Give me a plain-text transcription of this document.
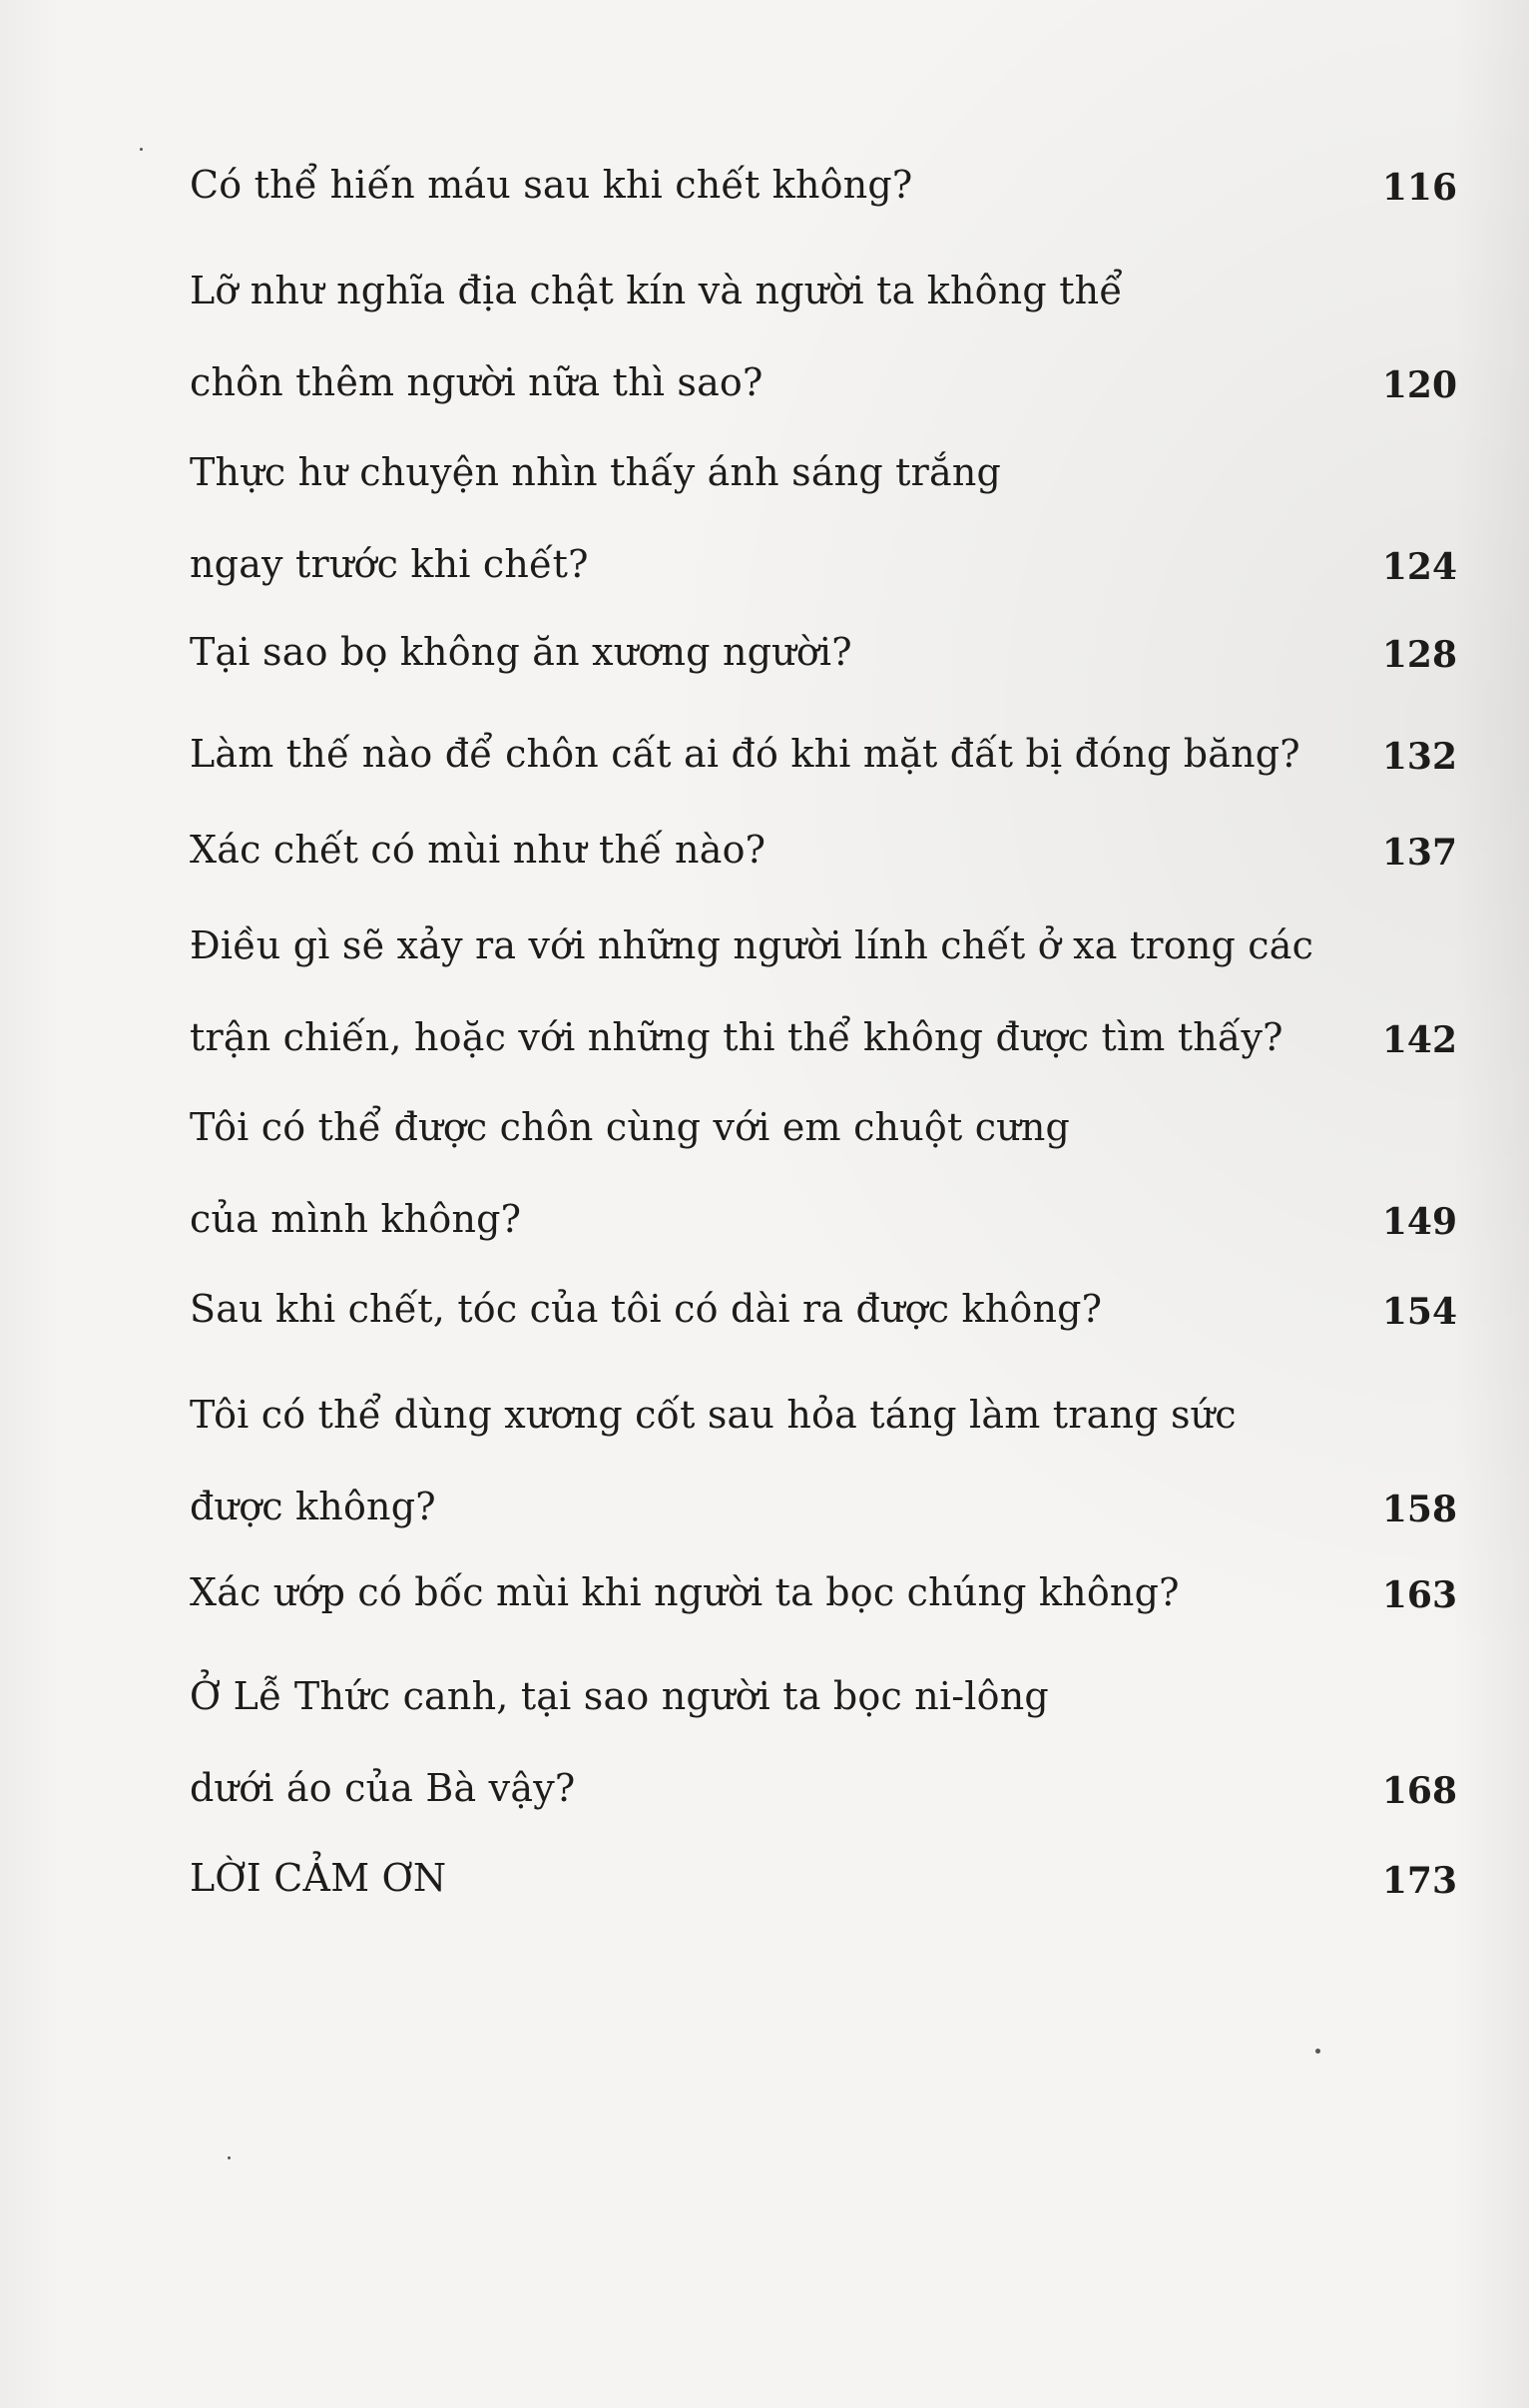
Có thể hiến máu sau khi chết không?	116
Lỡ như nghĩa địa chật kín và người ta không thể
chôn thêm người nữa thì sao?	120
Thực hư chuyện nhìn thấy ánh sáng trắng
ngay trước khi chết?	124
Tại sao bọ không ăn xương người?	128
Làm thế nào để chôn cất ai đó khi mặt đất bị đóng băng? 132
Xác chết có mùi như thế nào?	137
Điều gì sẽ xảy ra với những người lính chết ở xa trong các
trận chiến, hoặc với những thi thể không được tìm thấy?	142
Tôi có thể được chôn cùng với em chuột cưng
của mình không?	149
Sau khi chết, tóc của tôi có dài ra được không?	154
Tôi có thể dùng xương cốt sau hỏa táng làm trang sức
được không?	158
Xác ướp có bốc mùi khi người ta bọc chúng không?	163
Ở Lễ Thức canh, tại sao người ta bọc ni-lông
dưới áo của Bà vậy?	168
LỜI CẢM ƠN	173
